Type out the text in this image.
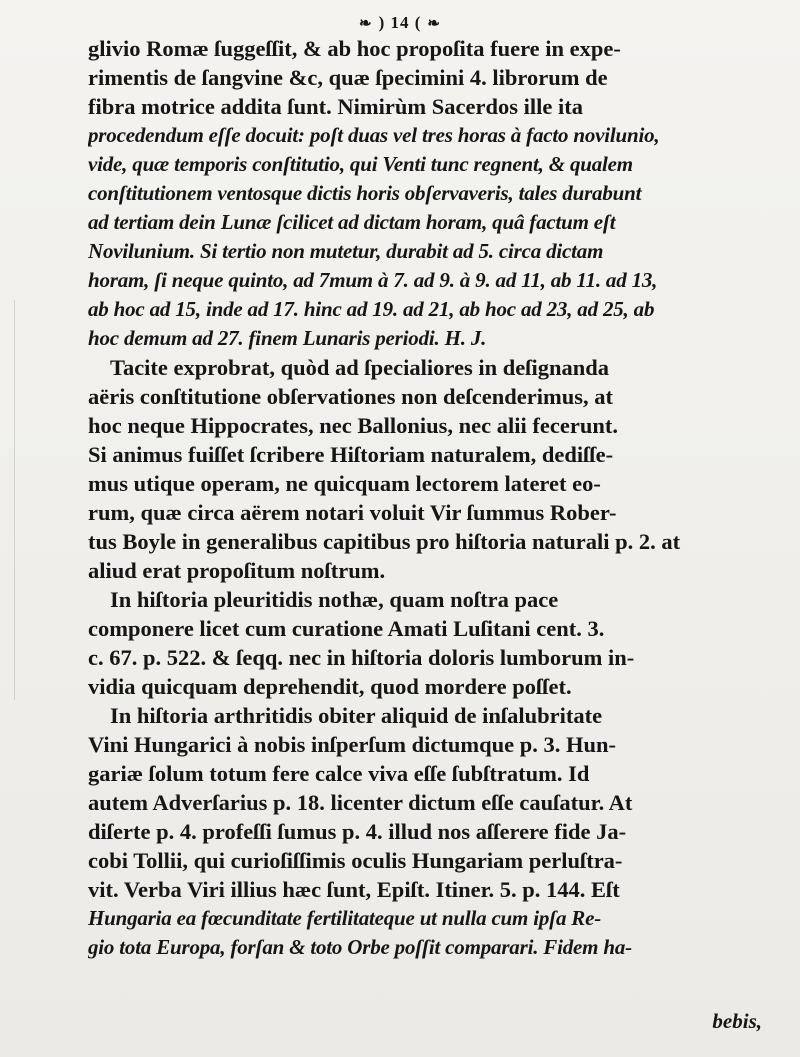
❧ ) 14 ( ❧
glivio Romæ ſuggeſſit, & ab hoc propoſita fuere in expe-
rimentis de ſangvine &c, quæ ſpecimini 4. librorum de
fibra motrice addita ſunt. Nimirùm Sacerdos ille ita
procedendum eſſe docuit: poſt duas vel tres horas à facto novilunio,
vide, quæ temporis conſtitutio, qui Venti tunc regnent, & qualem
conſtitutionem ventosque dictis horis obſervaveris, tales durabunt
ad tertiam dein Lunæ ſcilicet ad dictam horam, quâ factum eſt
Novilunium. Si tertio non mutetur, durabit ad 5. circa dictam
horam, ſi neque quinto, ad 7mum à 7. ad 9. à 9. ad 11, ab 11. ad 13,
ab hoc ad 15, inde ad 17. hinc ad 19. ad 21, ab hoc ad 23, ad 25, ab
hoc demum ad 27. finem Lunaris periodi. H. J.
Tacite exprobrat, quòd ad ſpecialiores in deſignanda
aëris conſtitutione obſervationes non deſcenderimus, at
hoc neque Hippocrates, nec Ballonius, nec alii fecerunt.
Si animus fuiſſet ſcribere Hiſtoriam naturalem, dediſſe-
mus utique operam, ne quicquam lectorem lateret eo-
rum, quæ circa aërem notari voluit Vir ſummus Rober-
tus Boyle in generalibus capitibus pro hiſtoria naturali p. 2. at
aliud erat propoſitum noſtrum.
In hiſtoria pleuritidis nothæ, quam noſtra pace
componere licet cum curatione Amati Luſitani cent. 3.
c. 67. p. 522. & ſeqq. nec in hiſtoria doloris lumborum in-
vidia quicquam deprehendit, quod mordere poſſet.
In hiſtoria arthritidis obiter aliquid de inſalubritate
Vini Hungarici à nobis inſperſum dictumque p. 3. Hun-
gariæ ſolum totum fere calce viva eſſe ſubſtratum. Id
autem Adverſarius p. 18. licenter dictum eſſe cauſatur. At
diſerte p. 4. profeſſi ſumus p. 4. illud nos aſſerere fide Ja-
cobi Tollii, qui curioſiſſimis oculis Hungariam perluſtra-
vit. Verba Viri illius hæc ſunt, Epiſt. Itiner. 5. p. 144. Eſt
Hungaria ea fœcunditate fertilitateque ut nulla cum ipſa Re-
gio tota Europa, forſan & toto Orbe poſſit comparari. Fidem ha-
bebis,
